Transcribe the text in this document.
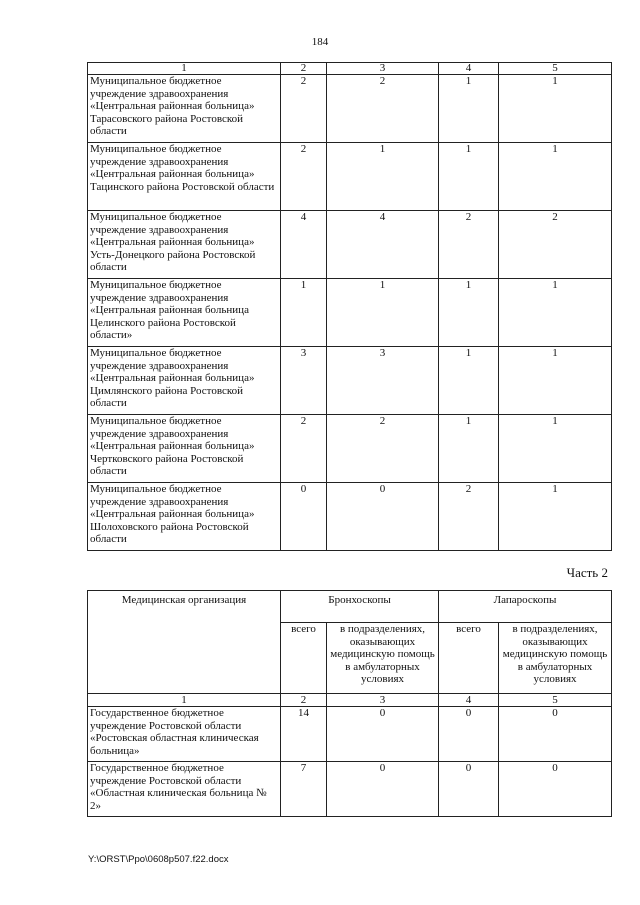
184
1	2	3	4	5
Муниципальное бюджетное учреждение здравоохранения «Центральная районная больница» Тарасовского района Ростовской области	2	2	1	1
Муниципальное бюджетное учреждение здравоохранения «Центральная районная больница» Тацинского района Ростовской области	2	1	1	1
Муниципальное бюджетное учреждение здравоохранения «Центральная районная больница» Усть-Донецкого района Ростовской области	4	4	2	2
Муниципальное бюджетное учреждение здравоохранения «Центральная районная больница Целинского района Ростовской области»	1	1	1	1
Муниципальное бюджетное учреждение здравоохранения «Центральная районная больница» Цимлянского района Ростовской области	3	3	1	1
Муниципальное бюджетное учреждение здравоохранения «Центральная районная больница» Чертковского района Ростовской области	2	2	1	1
Муниципальное бюджетное учреждение здравоохранения «Центральная районная больница» Шолоховского района Ростовской области	0	0	2	1
Часть 2
Медицинская организация	Бронхоскопы		Лапароскопы	
	всего	в подразделениях, оказывающих медицинскую помощь в амбулаторных условиях	всего	в подразделениях, оказывающих медицинскую помощь в амбулаторных условиях
1	2	3	4	5
Государственное бюджетное учреждение Ростовской области «Ростовская областная клиническая больница»	14	0	0	0
Государственное бюджетное учреждение Ростовской области «Областная клиническая больница № 2»	7	0	0	0
Y:\ORST\Ppo\0608p507.f22.docx
